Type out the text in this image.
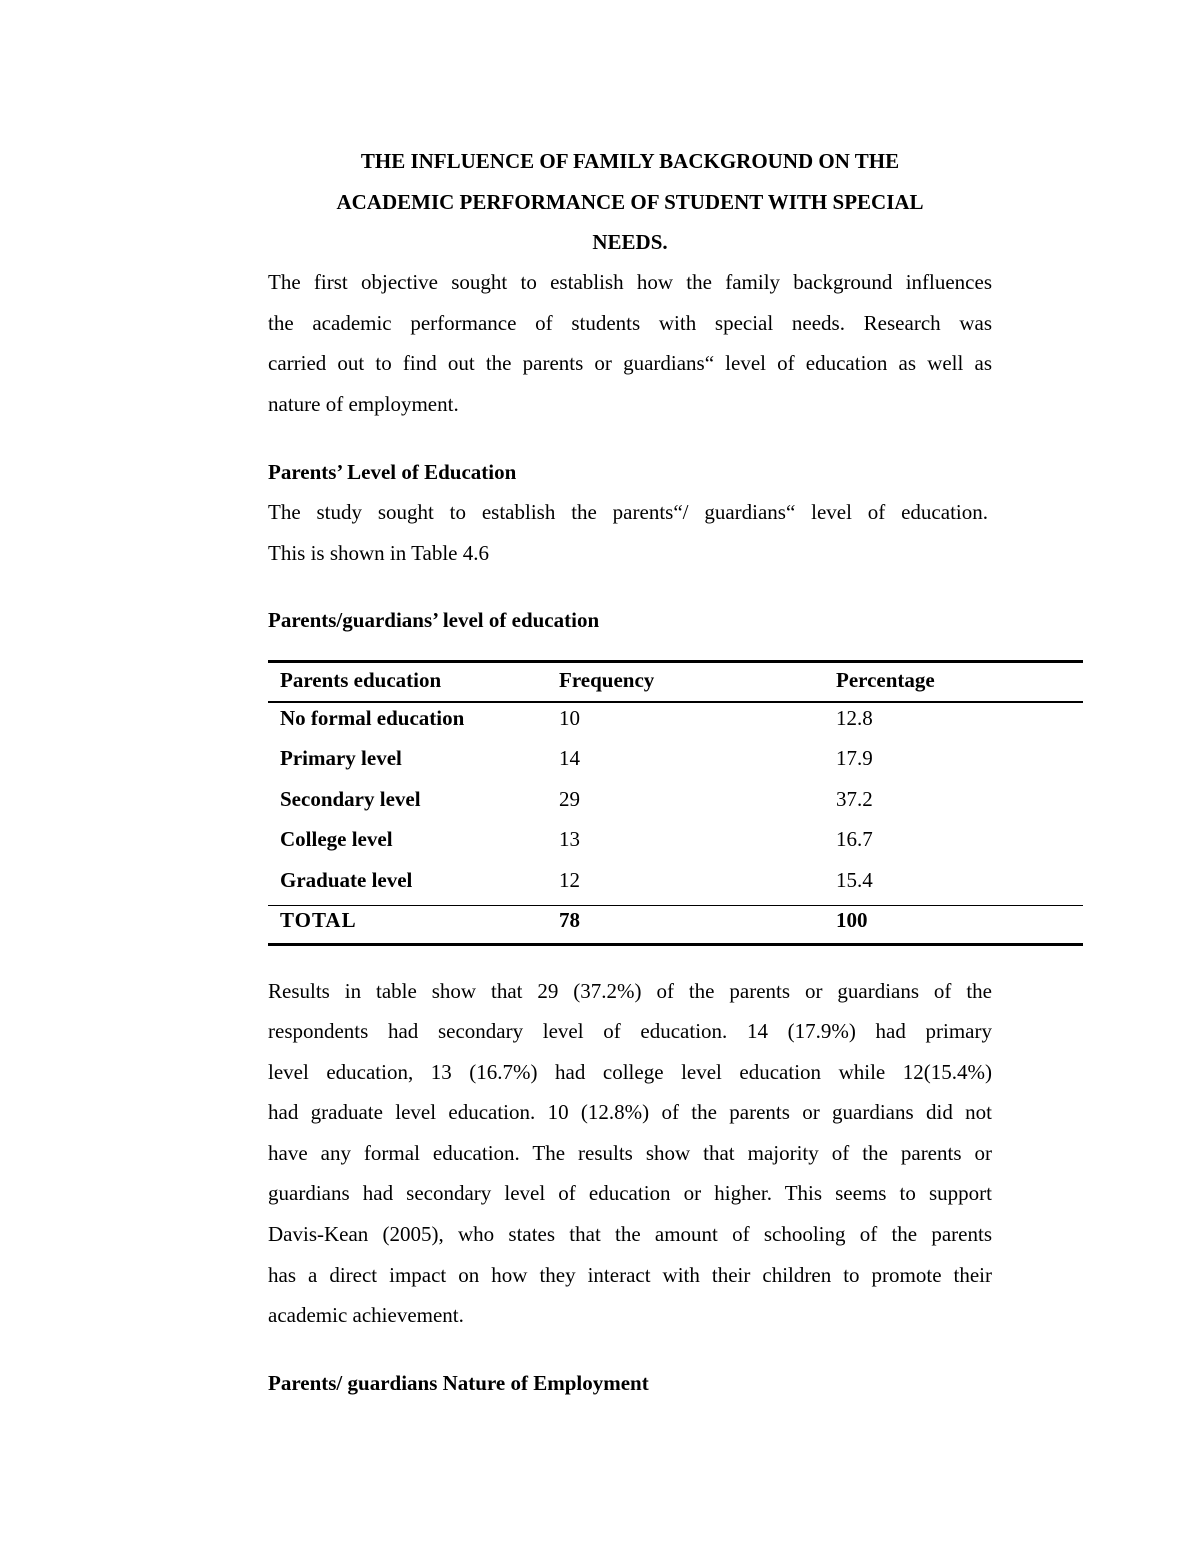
THE INFLUENCE OF FAMILY BACKGROUND ON THE
ACADEMIC PERFORMANCE OF STUDENT WITH SPECIAL
NEEDS.
The first objective sought to establish how the family background influences
the academic performance of students with special needs. Research was
carried out to find out the parents or guardians“ level of education as well as
nature of employment.
Parents’ Level of Education
The study sought to establish the parents“/ guardians“ level of education.
This is shown in Table 4.6
Parents/guardians’ level of education
Parents education	Frequency	Percentage
No formal education	10	12.8
Primary level	14	17.9
Secondary level	29	37.2
College level	13	16.7
Graduate level	12	15.4
TOTAL	78	100
Results in table show that 29 (37.2%) of the parents or guardians of the
respondents had secondary level of education. 14 (17.9%) had primary
level education, 13 (16.7%) had college level education while 12(15.4%)
had graduate level education. 10 (12.8%) of the parents or guardians did not
have any formal education. The results show that majority of the parents or
guardians had secondary level of education or higher. This seems to support
Davis-Kean (2005), who states that the amount of schooling of the parents
has a direct impact on how they interact with their children to promote their
academic achievement.
Parents/ guardians Nature of Employment
